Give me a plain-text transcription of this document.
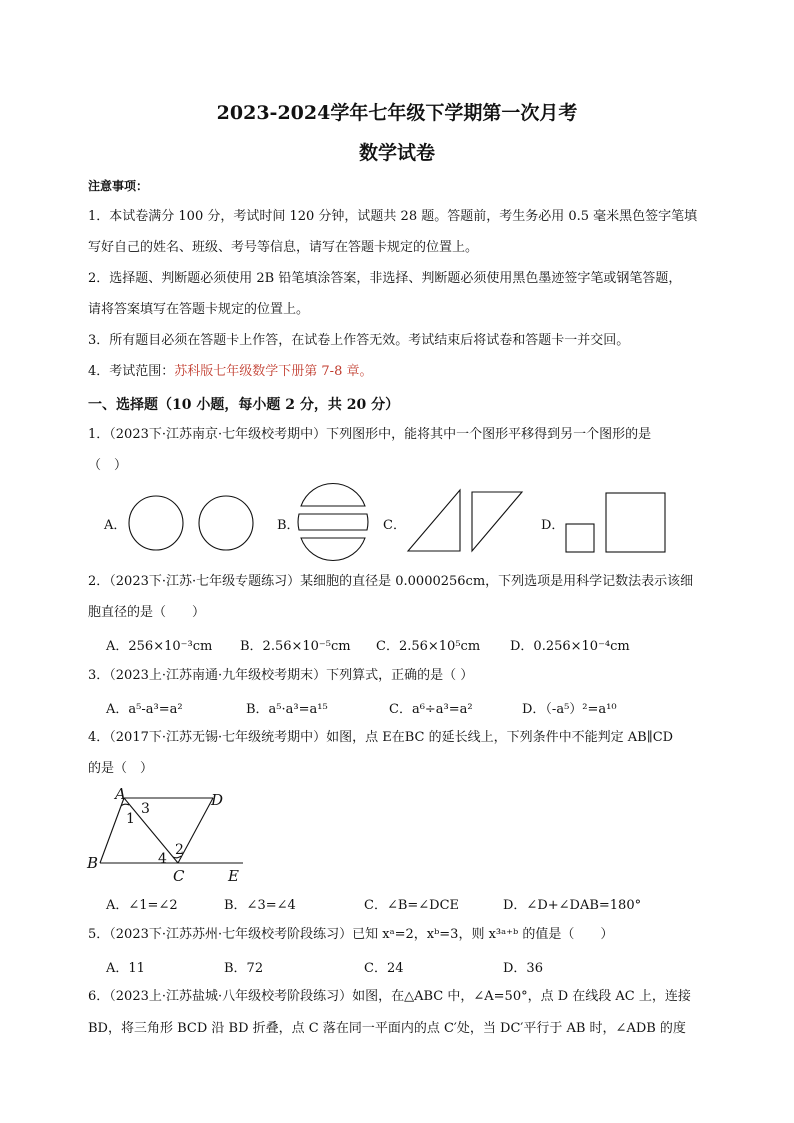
2023-2024学年七年级下学期第一次月考
数学试卷
注意事项：
1．本试卷满分 100 分，考试时间 120 分钟，试题共 28 题。答题前，考生务必用 0.5 毫米黑色签字笔填
写好自己的姓名、班级、考号等信息，请写在答题卡规定的位置上。
2．选择题、判断题必须使用 2B 铅笔填涂答案，非选择、判断题必须使用黑色墨迹签字笔或钢笔答题，
请将答案填写在答题卡规定的位置上。
3．所有题目必须在答题卡上作答，在试卷上作答无效。考试结束后将试卷和答题卡一并交回。
4．考试范围：苏科版七年级数学下册第 7-8 章。
一、选择题（10 小题，每小题 2 分，共 20 分）
1．（2023下·江苏南京·七年级校考期中）下列图形中，能将其中一个图形平移得到另一个图形的是
（　）
A．	B．	C．	D．
2．（2023下·江苏·七年级专题练习）某细胞的直径是 0.0000256cm，下列选项是用科学记数法表示该细
胞直径的是（　　）
A．256×10⁻³cm B．2.56×10⁻⁵cm C．2.56×10⁵cm D．0.256×10⁻⁴cm
3．（2023上·江苏南通·九年级校考期末）下列算式，正确的是（ ）
A．a⁵-a³=a²	B．a⁵·a³=a¹⁵	C．a⁶÷a³=a²	D．（-a⁵）²=a¹⁰
4．（2017下·江苏无锡·七年级统考期中）如图，点 E在BC 的延长线上，下列条件中不能判定 AB∥CD
的是（　）
A	D
B
C	E
3
1
2
4
A．∠1=∠2	B．∠3=∠4	C．∠B=∠DCE	D．∠D+∠DAB=180°
5．（2023下·江苏苏州·七年级校考阶段练习）已知 xᵃ=2，xᵇ=3，则 x³ᵃ⁺ᵇ 的值是（　　）
A．11	B．72	C．24	D．36
6．（2023上·江苏盐城·八年级校考阶段练习）如图，在△ABC 中，∠A=50°，点 D 在线段 AC 上，连接
BD，将三角形 BCD 沿 BD 折叠，点 C 落在同一平面内的点 C′处，当 DC′平行于 AB 时，∠ADB 的度
